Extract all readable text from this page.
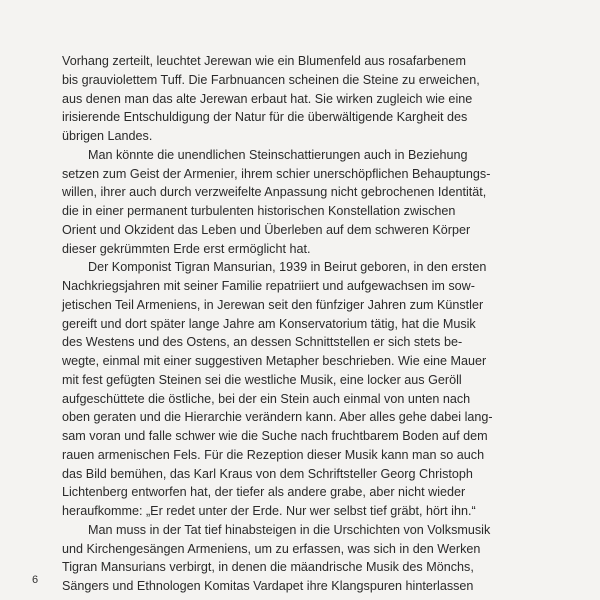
Vorhang zerteilt, leuchtet Jerewan wie ein Blumenfeld aus rosafarbenem
bis grauviolettem Tuff. Die Farbnuancen scheinen die Steine zu erweichen,
aus denen man das alte Jerewan erbaut hat. Sie wirken zugleich wie eine
irisierende Entschuldigung der Natur für die überwältigende Kargheit des
übrigen Landes.
Man könnte die unendlichen Steinschattierungen auch in Beziehung
setzen zum Geist der Armenier, ihrem schier unerschöpflichen Behauptungs-
willen, ihrer auch durch verzweifelte Anpassung nicht gebrochenen Identität,
die in einer permanent turbulenten historischen Konstellation zwischen
Orient und Okzident das Leben und Überleben auf dem schweren Körper
dieser gekrümmten Erde erst ermöglicht hat.
Der Komponist Tigran Mansurian, 1939 in Beirut geboren, in den ersten
Nachkriegsjahren mit seiner Familie repatriiert und aufgewachsen im sow-
jetischen Teil Armeniens, in Jerewan seit den fünfziger Jahren zum Künstler
gereift und dort später lange Jahre am Konservatorium tätig, hat die Musik
des Westens und des Ostens, an dessen Schnittstellen er sich stets be-
wegte, einmal mit einer suggestiven Metapher beschrieben. Wie eine Mauer
mit fest gefügten Steinen sei die westliche Musik, eine locker aus Geröll
aufgeschüttete die östliche, bei der ein Stein auch einmal von unten nach
oben geraten und die Hierarchie verändern kann. Aber alles gehe dabei lang-
sam voran und falle schwer wie die Suche nach fruchtbarem Boden auf dem
rauen armenischen Fels. Für die Rezeption dieser Musik kann man so auch
das Bild bemühen, das Karl Kraus von dem Schriftsteller Georg Christoph
Lichtenberg entworfen hat, der tiefer als andere grabe, aber nicht wieder
heraufkomme: „Er redet unter der Erde. Nur wer selbst tief gräbt, hört ihn.“
Man muss in der Tat tief hinabsteigen in die Urschichten von Volksmusik
und Kirchengesängen Armeniens, um zu erfassen, was sich in den Werken
Tigran Mansurians verbirgt, in denen die mäandrische Musik des Mönchs,
Sängers und Ethnologen Komitas Vardapet ihre Klangspuren hinterlassen
6
